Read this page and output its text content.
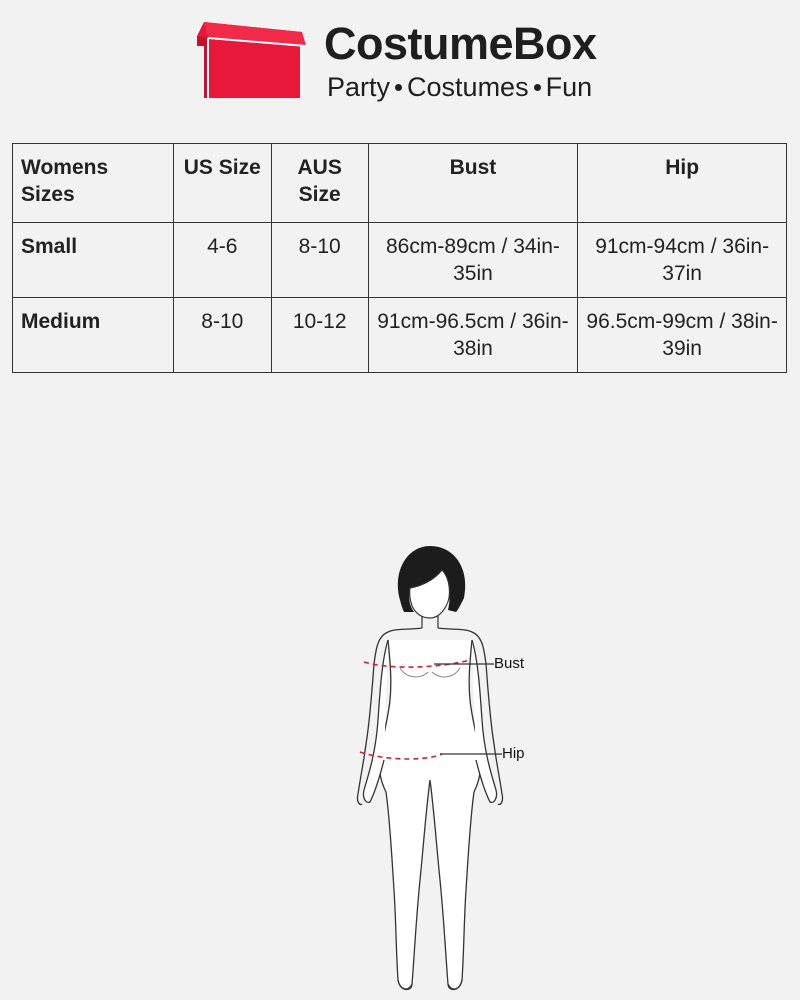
CostumeBox
Party Costumes Fun
Womens Sizes	US Size	AUS Size	Bust	Hip
Small	4-6	8-10	86cm-89cm / 34in-35in	91cm-94cm / 36in-37in
Medium	8-10	10-12	91cm-96.5cm / 36in-38in	96.5cm-99cm / 38in-39in
Bust
Hip
